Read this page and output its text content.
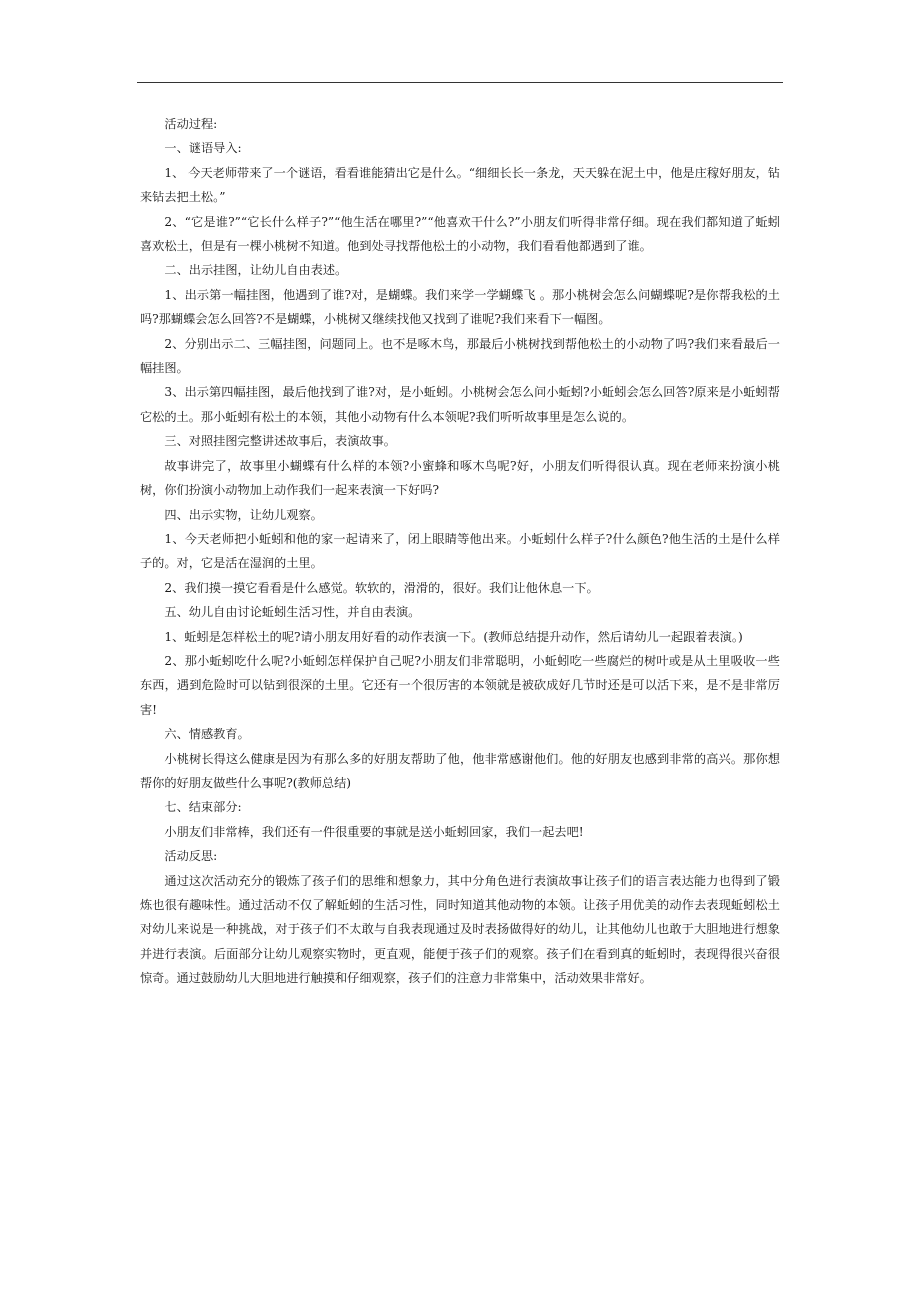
活动过程:

一、谜语导入:

1、 今天老师带来了一个谜语，看看谁能猜出它是什么。“细细长长一条龙，天天躲在泥土中，他是庄稼好朋友，钻来钻去把土松。”

2、“它是谁?”“它长什么样子?”“他生活在哪里?”“他喜欢干什么?”小朋友们听得非常仔细。现在我们都知道了蚯蚓喜欢松土，但是有一棵小桃树不知道。他到处寻找帮他松土的小动物，我们看看他都遇到了谁。

二、出示挂图，让幼儿自由表述。

1、出示第一幅挂图，他遇到了谁?对，是蝴蝶。我们来学一学蝴蝶飞 。那小桃树会怎么问蝴蝶呢?是你帮我松的土吗?那蝴蝶会怎么回答?不是蝴蝶，小桃树又继续找他又找到了谁呢?我们来看下一幅图。

2、分别出示二、三幅挂图，问题同上。也不是啄木鸟，那最后小桃树找到帮他松土的小动物了吗?我们来看最后一幅挂图。

3、出示第四幅挂图，最后他找到了谁?对，是小蚯蚓。小桃树会怎么问小蚯蚓?小蚯蚓会怎么回答?原来是小蚯蚓帮它松的土。那小蚯蚓有松土的本领，其他小动物有什么本领呢?我们听听故事里是怎么说的。

三、对照挂图完整讲述故事后，表演故事。

故事讲完了，故事里小蝴蝶有什么样的本领?小蜜蜂和啄木鸟呢?好，小朋友们听得很认真。现在老师来扮演小桃树，你们扮演小动物加上动作我们一起来表演一下好吗?

四、出示实物，让幼儿观察。

1、今天老师把小蚯蚓和他的家一起请来了，闭上眼睛等他出来。小蚯蚓什么样子?什么颜色?他生活的土是什么样子的。对，它是活在湿润的土里。

2、我们摸一摸它看看是什么感觉。软软的，滑滑的，很好。我们让他休息一下。

五、幼儿自由讨论蚯蚓生活习性，并自由表演。

1、蚯蚓是怎样松土的呢?请小朋友用好看的动作表演一下。(教师总结提升动作，然后请幼儿一起跟着表演。)

2、那小蚯蚓吃什么呢?小蚯蚓怎样保护自己呢?小朋友们非常聪明，小蚯蚓吃一些腐烂的树叶或是从土里吸收一些东西，遇到危险时可以钻到很深的土里。它还有一个很厉害的本领就是被砍成好几节时还是可以活下来，是不是非常厉害!

六、情感教育。

小桃树长得这么健康是因为有那么多的好朋友帮助了他，他非常感谢他们。他的好朋友也感到非常的高兴。那你想帮你的好朋友做些什么事呢?(教师总结)

七、结束部分:

小朋友们非常棒，我们还有一件很重要的事就是送小蚯蚓回家，我们一起去吧!

活动反思:

通过这次活动充分的锻炼了孩子们的思维和想象力，其中分角色进行表演故事让孩子们的语言表达能力也得到了锻炼也很有趣味性。通过活动不仅了解蚯蚓的生活习性，同时知道其他动物的本领。让孩子用优美的动作去表现蚯蚓松土对幼儿来说是一种挑战，对于孩子们不太敢与自我表现通过及时表扬做得好的幼儿，让其他幼儿也敢于大胆地进行想象并进行表演。后面部分让幼儿观察实物时，更直观，能便于孩子们的观察。孩子们在看到真的蚯蚓时，表现得很兴奋很惊奇。通过鼓励幼儿大胆地进行触摸和仔细观察，孩子们的注意力非常集中，活动效果非常好。
